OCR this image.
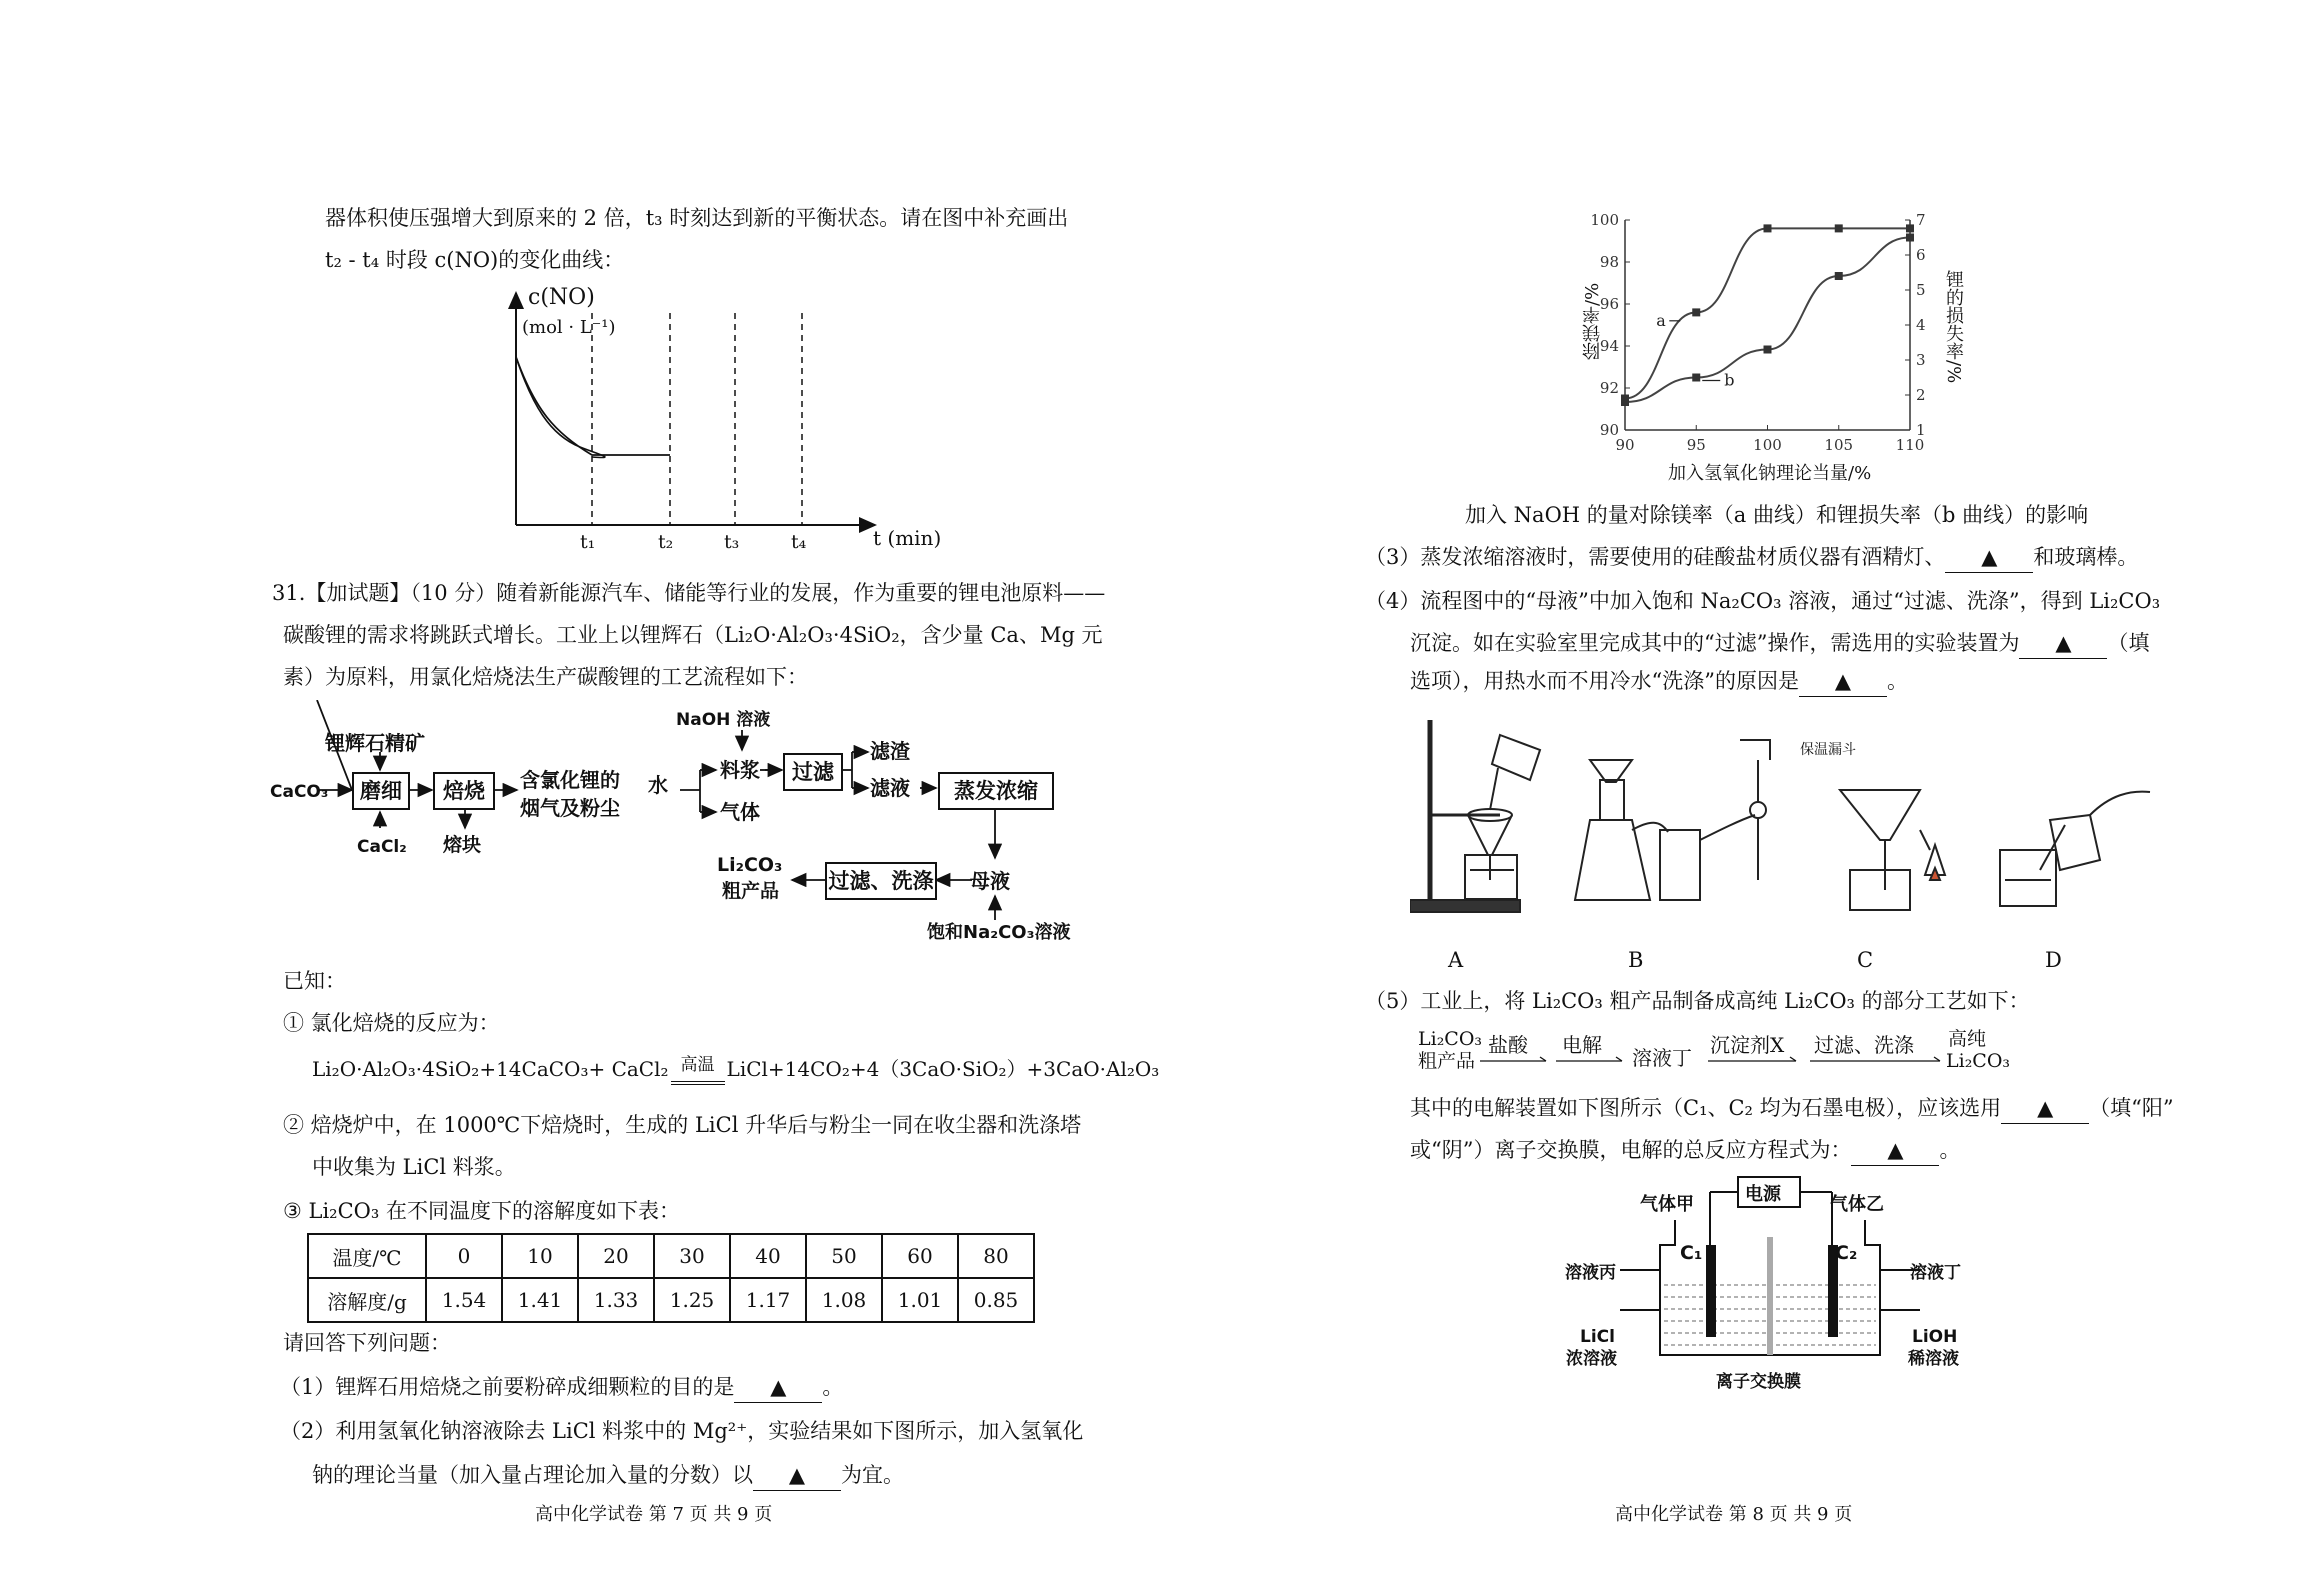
器体积使压强增大到原来的 2 倍，t₃ 时刻达到新的平衡状态。请在图中补充画出
t₂ - t₄ 时段 c(NO)的变化曲线：
c(NO)
(mol · L⁻¹)
t₁	t₂	t₃	t₄	t (min)
31.【加试题】（10 分）随着新能源汽车、储能等行业的发展，作为重要的锂电池原料——
碳酸锂的需求将跳跃式增长。工业上以锂辉石（Li₂O·Al₂O₃·4SiO₂，含少量 Ca、Mg 元
素）为原料，用氯化焙烧法生产碳酸锂的工艺流程如下：
锂辉石精矿
CaCO₃	磨细
CaCl₂
焙烧
熔块
含氯化锂的
烟气及粉尘
水
NaOH 溶液
料浆
气体
过滤
滤渣
滤液	蒸发浓缩
母液
饱和Na₂CO₃溶液
过滤、洗涤
Li₂CO₃
粗产品
已知：
① 氯化焙烧的反应为：
Li₂O·Al₂O₃·4SiO₂+14CaCO₃+ CaCl₂ $^{高温}$ LiCl+14CO₂+4（3CaO·SiO₂）+3CaO·Al₂O₃
② 焙烧炉中，在 1000℃下焙烧时，生成的 LiCl 升华后与粉尘一同在收尘器和洗涤塔
中收集为 LiCl 料浆。
③ Li₂CO₃ 在不同温度下的溶解度如下表：
温度/℃	0	10	20	30	40	50	60	80
溶解度/g	1.54	1.41	1.33	1.25	1.17	1.08	1.01	0.85
请回答下列问题：
（1）锂辉石用焙烧之前要粉碎成细颗粒的目的是 ▲ 。
（2）利用氢氧化钠溶液除去 LiCl 料浆中的 Mg²⁺，实验结果如下图所示，加入氢氧化
钠的理论当量（加入量占理论加入量的分数）以 ▲ 为宜。
高中化学试卷 第 7 页 共 9 页
90	95	100	105	110
90
92
94
96
98
100
1
2
3
4
5
6
7
a
b
除镁率/%	锂的损失率/%
加入氢氧化钠理论当量/%
加入 NaOH 的量对除镁率（a 曲线）和锂损失率（b 曲线）的影响
（3）蒸发浓缩溶液时，需要使用的硅酸盐材质仪器有酒精灯、 ▲ 和玻璃棒。
（4）流程图中的“母液”中加入饱和 Na₂CO₃ 溶液，通过“过滤、洗涤”，得到 Li₂CO₃
沉淀。如在实验室里完成其中的“过滤”操作，需选用的实验装置为 ▲ （填
选项），用热水而不用冷水“洗涤”的原因是 ▲ 。
保温漏斗
A	B	C	D
（5）工业上，将 Li₂CO₃ 粗产品制备成高纯 Li₂CO₃ 的部分工艺如下：
Li₂CO₃
粗产品
盐酸 电解
溶液丁
沉淀剂X 过滤、洗涤 高纯
Li₂CO₃
其中的电解装置如下图所示（C₁、C₂ 均为石墨电极），应该选用 ▲ （填“阳”
或“阴”）离子交换膜，电解的总反应方程式为： ▲ 。
电源
气体甲	气体乙
C₁	C₂
溶液丙	溶液丁
LiCl
浓溶液
LiOH
稀溶液
离子交换膜
高中化学试卷 第 8 页 共 9 页
